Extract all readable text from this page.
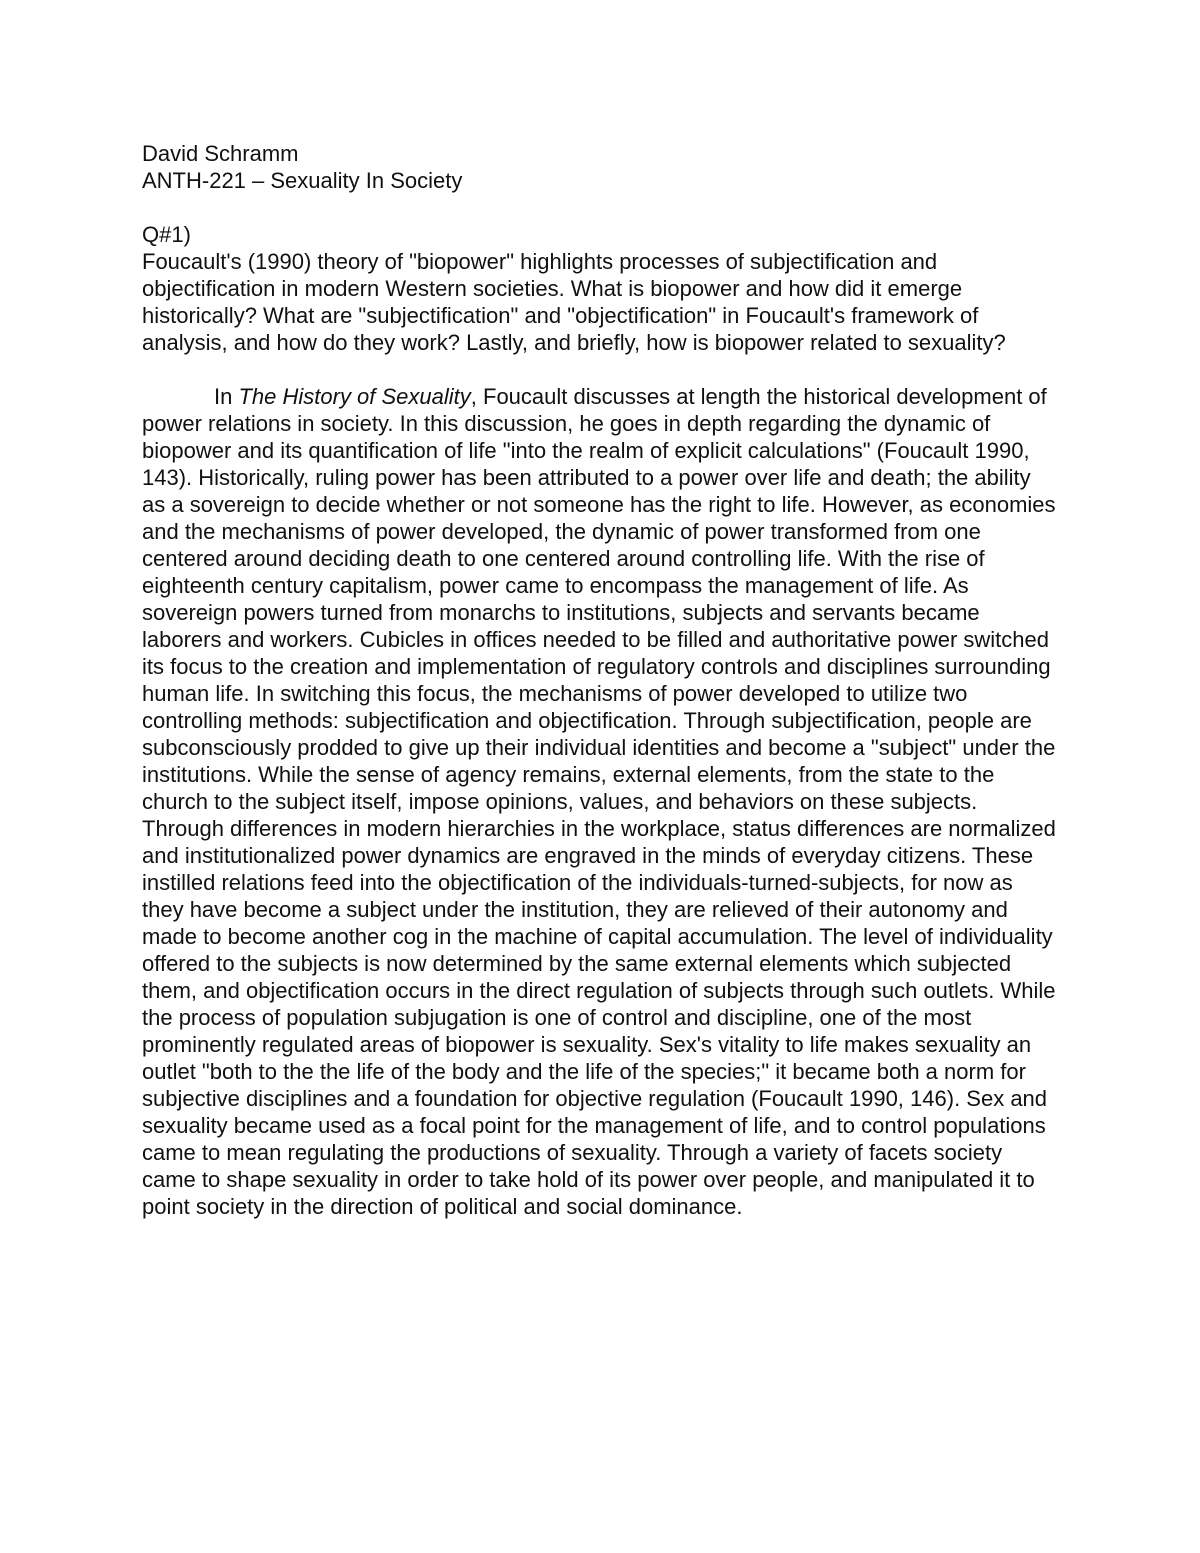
David Schramm

ANTH-221 – Sexuality In Society

Q#1)

Foucault's (1990) theory of "biopower" highlights processes of subjectification and objectification in modern Western societies. What is biopower and how did it emerge historically? What are "subjectification" and "objectification" in Foucault's framework of analysis, and how do they work? Lastly, and briefly, how is biopower related to sexuality?

In The History of Sexuality, Foucault discusses at length the historical development of power relations in society. In this discussion, he goes in depth regarding the dynamic of biopower and its quantification of life "into the realm of explicit calculations" (Foucault 1990, 143). Historically, ruling power has been attributed to a power over life and death; the ability as a sovereign to decide whether or not someone has the right to life. However, as economies and the mechanisms of power developed, the dynamic of power transformed from one centered around deciding death to one centered around controlling life. With the rise of eighteenth century capitalism, power came to encompass the management of life. As sovereign powers turned from monarchs to institutions, subjects and servants became laborers and workers. Cubicles in offices needed to be filled and authoritative power switched its focus to the creation and implementation of regulatory controls and disciplines surrounding human life. In switching this focus, the mechanisms of power developed to utilize two controlling methods: subjectification and objectification. Through subjectification, people are subconsciously prodded to give up their individual identities and become a "subject" under the institutions. While the sense of agency remains, external elements, from the state to the church to the subject itself, impose opinions, values, and behaviors on these subjects. Through differences in modern hierarchies in the workplace, status differences are normalized and institutionalized power dynamics are engraved in the minds of everyday citizens. These instilled relations feed into the objectification of the individuals-turned-subjects, for now as they have become a subject under the institution, they are relieved of their autonomy and made to become another cog in the machine of capital accumulation. The level of individuality offered to the subjects is now determined by the same external elements which subjected them, and objectification occurs in the direct regulation of subjects through such outlets. While the process of population subjugation is one of control and discipline, one of the most prominently regulated areas of biopower is sexuality. Sex's vitality to life makes sexuality an outlet "both to the the life of the body and the life of the species;" it became both a norm for subjective disciplines and a foundation for objective regulation (Foucault 1990, 146). Sex and sexuality became used as a focal point for the management of life, and to control populations came to mean regulating the productions of sexuality. Through a variety of facets society came to shape sexuality in order to take hold of its power over people, and manipulated it to point society in the direction of political and social dominance.
